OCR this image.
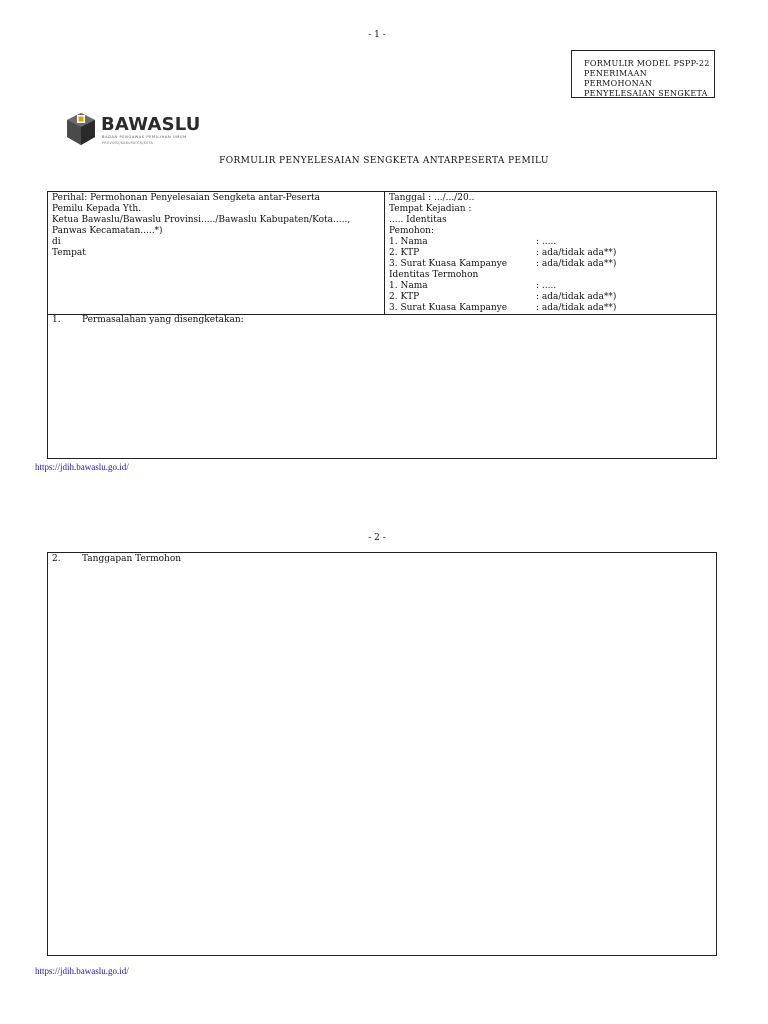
- 1 -
FORMULIR MODEL PSPP-22
PENERIMAAN
PERMOHONAN
PENYELESAIAN SENGKETA
BAWASLU
BADAN PENGAWAS PEMILIHAN UMUM
PROVINSI/KABUPATEN/KOTA
FORMULIR PENYELESAIAN SENGKETA ANTARPESERTA PEMILU
Perihal: Permohonan Penyelesaian Sengketa antar-Peserta
Pemilu Kepada Yth.
Ketua Bawaslu/Bawaslu Provinsi...../Bawaslu Kabupaten/Kota.....,
Panwas Kecamatan.....*)
di
Tempat
Tanggal : .../.../20..
Tempat Kejadian :
..... Identitas
Pemohon:
1. Nama	: .....
2. KTP	: ada/tidak ada**)
3. Surat Kuasa Kampanye	: ada/tidak ada**)
Identitas Termohon
1. Nama	: .....
2. KTP	: ada/tidak ada**)
3. Surat Kuasa Kampanye	: ada/tidak ada**)
1. Permasalahan yang disengketakan:
https://jdih.bawaslu.go.id/
- 2 -
2. Tanggapan Termohon
https://jdih.bawaslu.go.id/
